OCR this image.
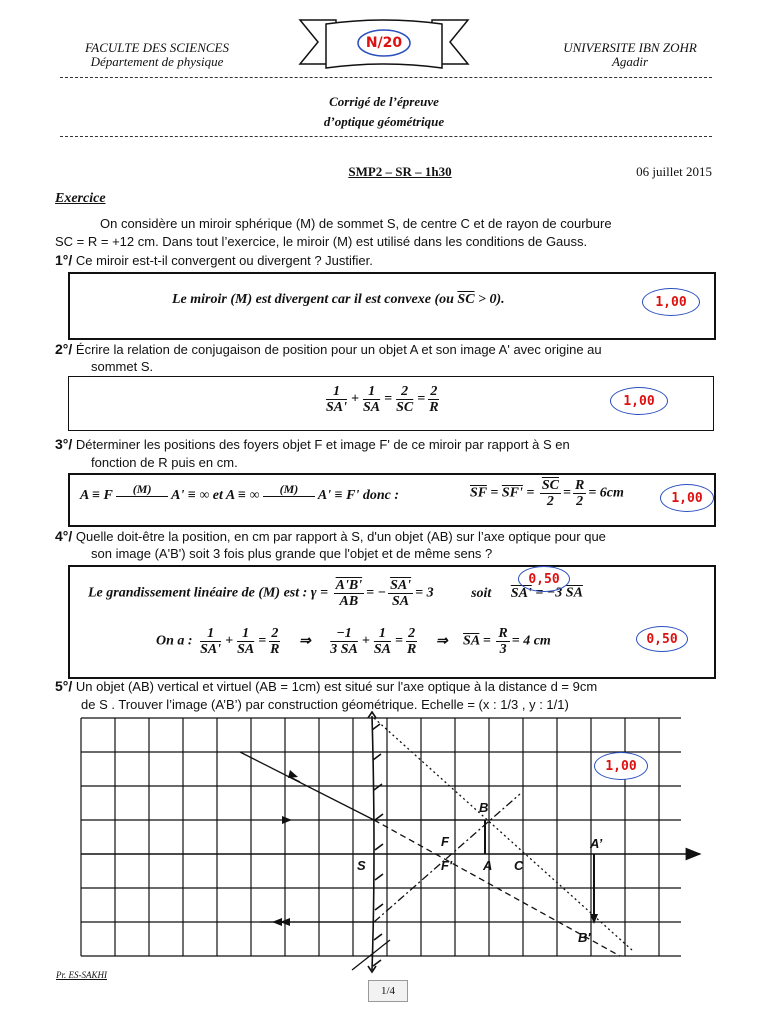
FACULTE DES SCIENCES
Département de physique
UNIVERSITE IBN ZOHR
Agadir
N/20
Corrigé de l’épreuve
d’optique géométrique
SMP2 – SR – 1h30	06 juillet 2015
Exercice
On considère un miroir sphérique (M) de sommet S, de centre C et de rayon de courbure
SC = R = +12 cm. Dans tout l’exercice, le miroir (M) est utilisé dans les conditions de Gauss.
1°/ Ce miroir est-t-il convergent ou divergent ? Justifier.
Le miroir (M) est divergent car il est convexe (ou $\overline{SC} > 0$).	1,00
2°/ Écrire la relation de conjugaison de position pour un objet A et son image A' avec origine au
sommet S.
$\frac{1}{SA'} + \frac{1}{SA} = \frac{2}{SC} = \frac{2}{R}$	1,00
3°/ Déterminer les positions des foyers objet F et image F' de ce miroir par rapport à S en
fonction de R puis en cm.
A ≡ F (M) A' ≡ ∞ et A ≡ ∞ (M) A' ≡ F' donc :	$\overline{SF} = SF' = \frac{\overline{SC}}{2} = \frac{R}{2} = 6cm$	1,00
4°/ Quelle doit-être la position, en cm par rapport à S, d'un objet (AB) sur l’axe optique pour que
son image (A'B') soit 3 fois plus grande que l'objet et de même sens ?
Le grandissement linéaire de (M) est : $\gamma = \frac{A'B'}{AB}$ = − $\frac{SA'}{SA} = 3$	soit SA' = −3 $\overline{SA}$
0,50
On a : $\frac{1}{SA'} + \frac{1}{SA} = \frac{2}{R}$ ⇒ $\frac{-1}{3 SA} + \frac{1}{SA} = \frac{2}{R}$ ⇒ $\overline{SA} = \frac{R}{3} = 4$ cm	0,50
5°/ Un objet (AB) vertical et virtuel (AB = 1cm) est situé sur l'axe optique à la distance d = 9cm
de S . Trouver l’image (A’B’) par construction géométrique. Echelle = (x : 1/3 , y : 1/1)
S
F
F' A C
B
A’
B'
1,00
Pr. ES-SAKHI
1/4
